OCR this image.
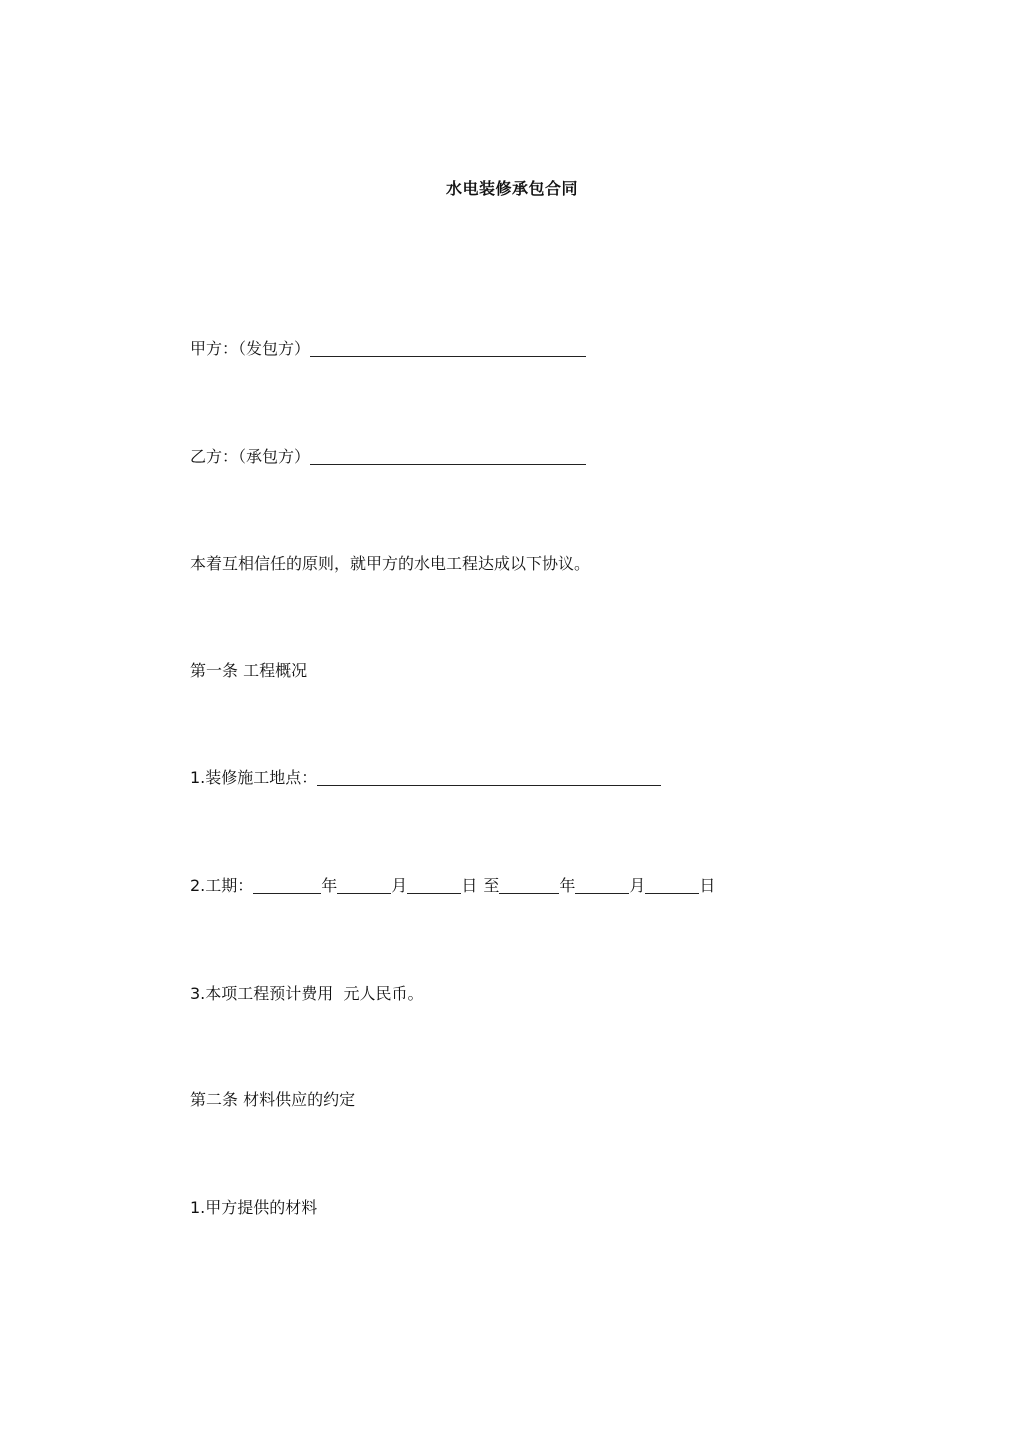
水电装修承包合同
甲方：（发包方）
乙方：（承包方）
本着互相信任的原则，就甲方的水电工程达成以下协议。
第一条 工程概况
1.装修施工地点：
2.工期：	年	月	日 至	年	月	日
3.本项工程预计费用  元人民币。
第二条 材料供应的约定
1.甲方提供的材料
